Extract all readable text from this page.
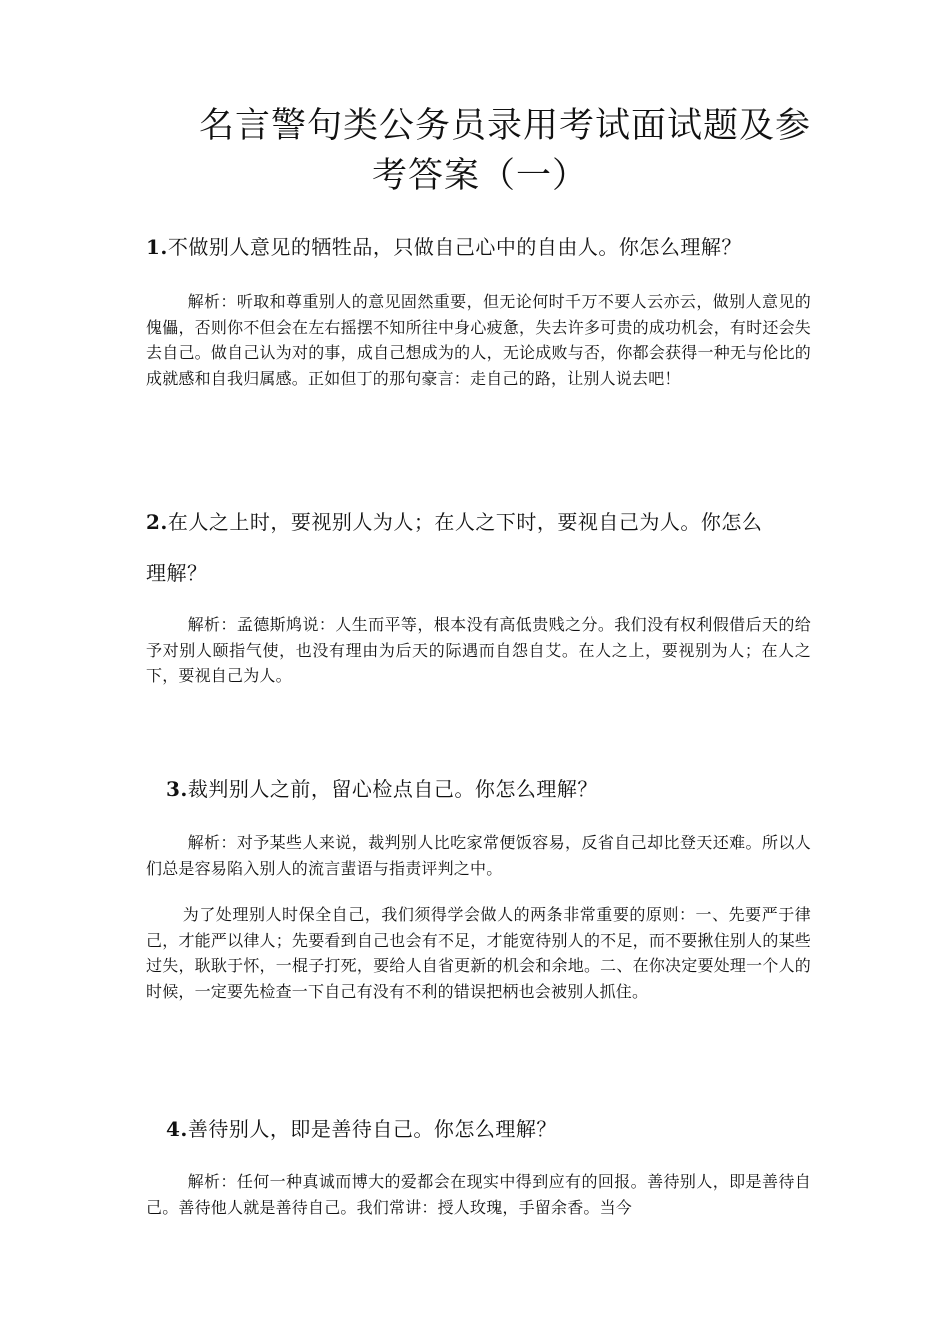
名言警句类公务员录用考试面试题及参
考答案（一）
1.不做别人意见的牺牲品，只做自己心中的自由人。你怎么理解？
解析：听取和尊重别人的意见固然重要，但无论何时千万不要人云亦云，做别人意见的傀儡，否则你不但会在左右摇摆不知所往中身心疲惫，失去许多可贵的成功机会，有时还会失去自己。做自己认为对的事，成自己想成为的人，无论成败与否，你都会获得一种无与伦比的成就感和自我归属感。正如但丁的那句豪言：走自己的路，让别人说去吧！
2.在人之上时，要视别人为人；在人之下时，要视自己为人。你怎么
理解？
解析：孟德斯鸠说：人生而平等，根本没有高低贵贱之分。我们没有权利假借后天的给予对别人颐指气使，也没有理由为后天的际遇而自怨自艾。在人之上，要视别为人；在人之下，要视自己为人。
3.裁判别人之前，留心检点自己。你怎么理解？
解析：对予某些人来说，裁判别人比吃家常便饭容易，反省自己却比登天还难。所以人们总是容易陷入别人的流言蜚语与指责评判之中。
为了处理别人时保全自己，我们须得学会做人的两条非常重要的原则：一、先要严于律己，才能严以律人；先要看到自己也会有不足，才能宽待别人的不足，而不要揪住别人的某些过失，耿耿于怀，一棍子打死，要给人自省更新的机会和余地。二、在你决定要处理一个人的时候，一定要先检查一下自己有没有不利的错误把柄也会被别人抓住。
4.善待别人，即是善待自己。你怎么理解？
解析：任何一种真诚而博大的爱都会在现实中得到应有的回报。善待别人，即是善待自己。善待他人就是善待自己。我们常讲：授人玫瑰，手留余香。当今
